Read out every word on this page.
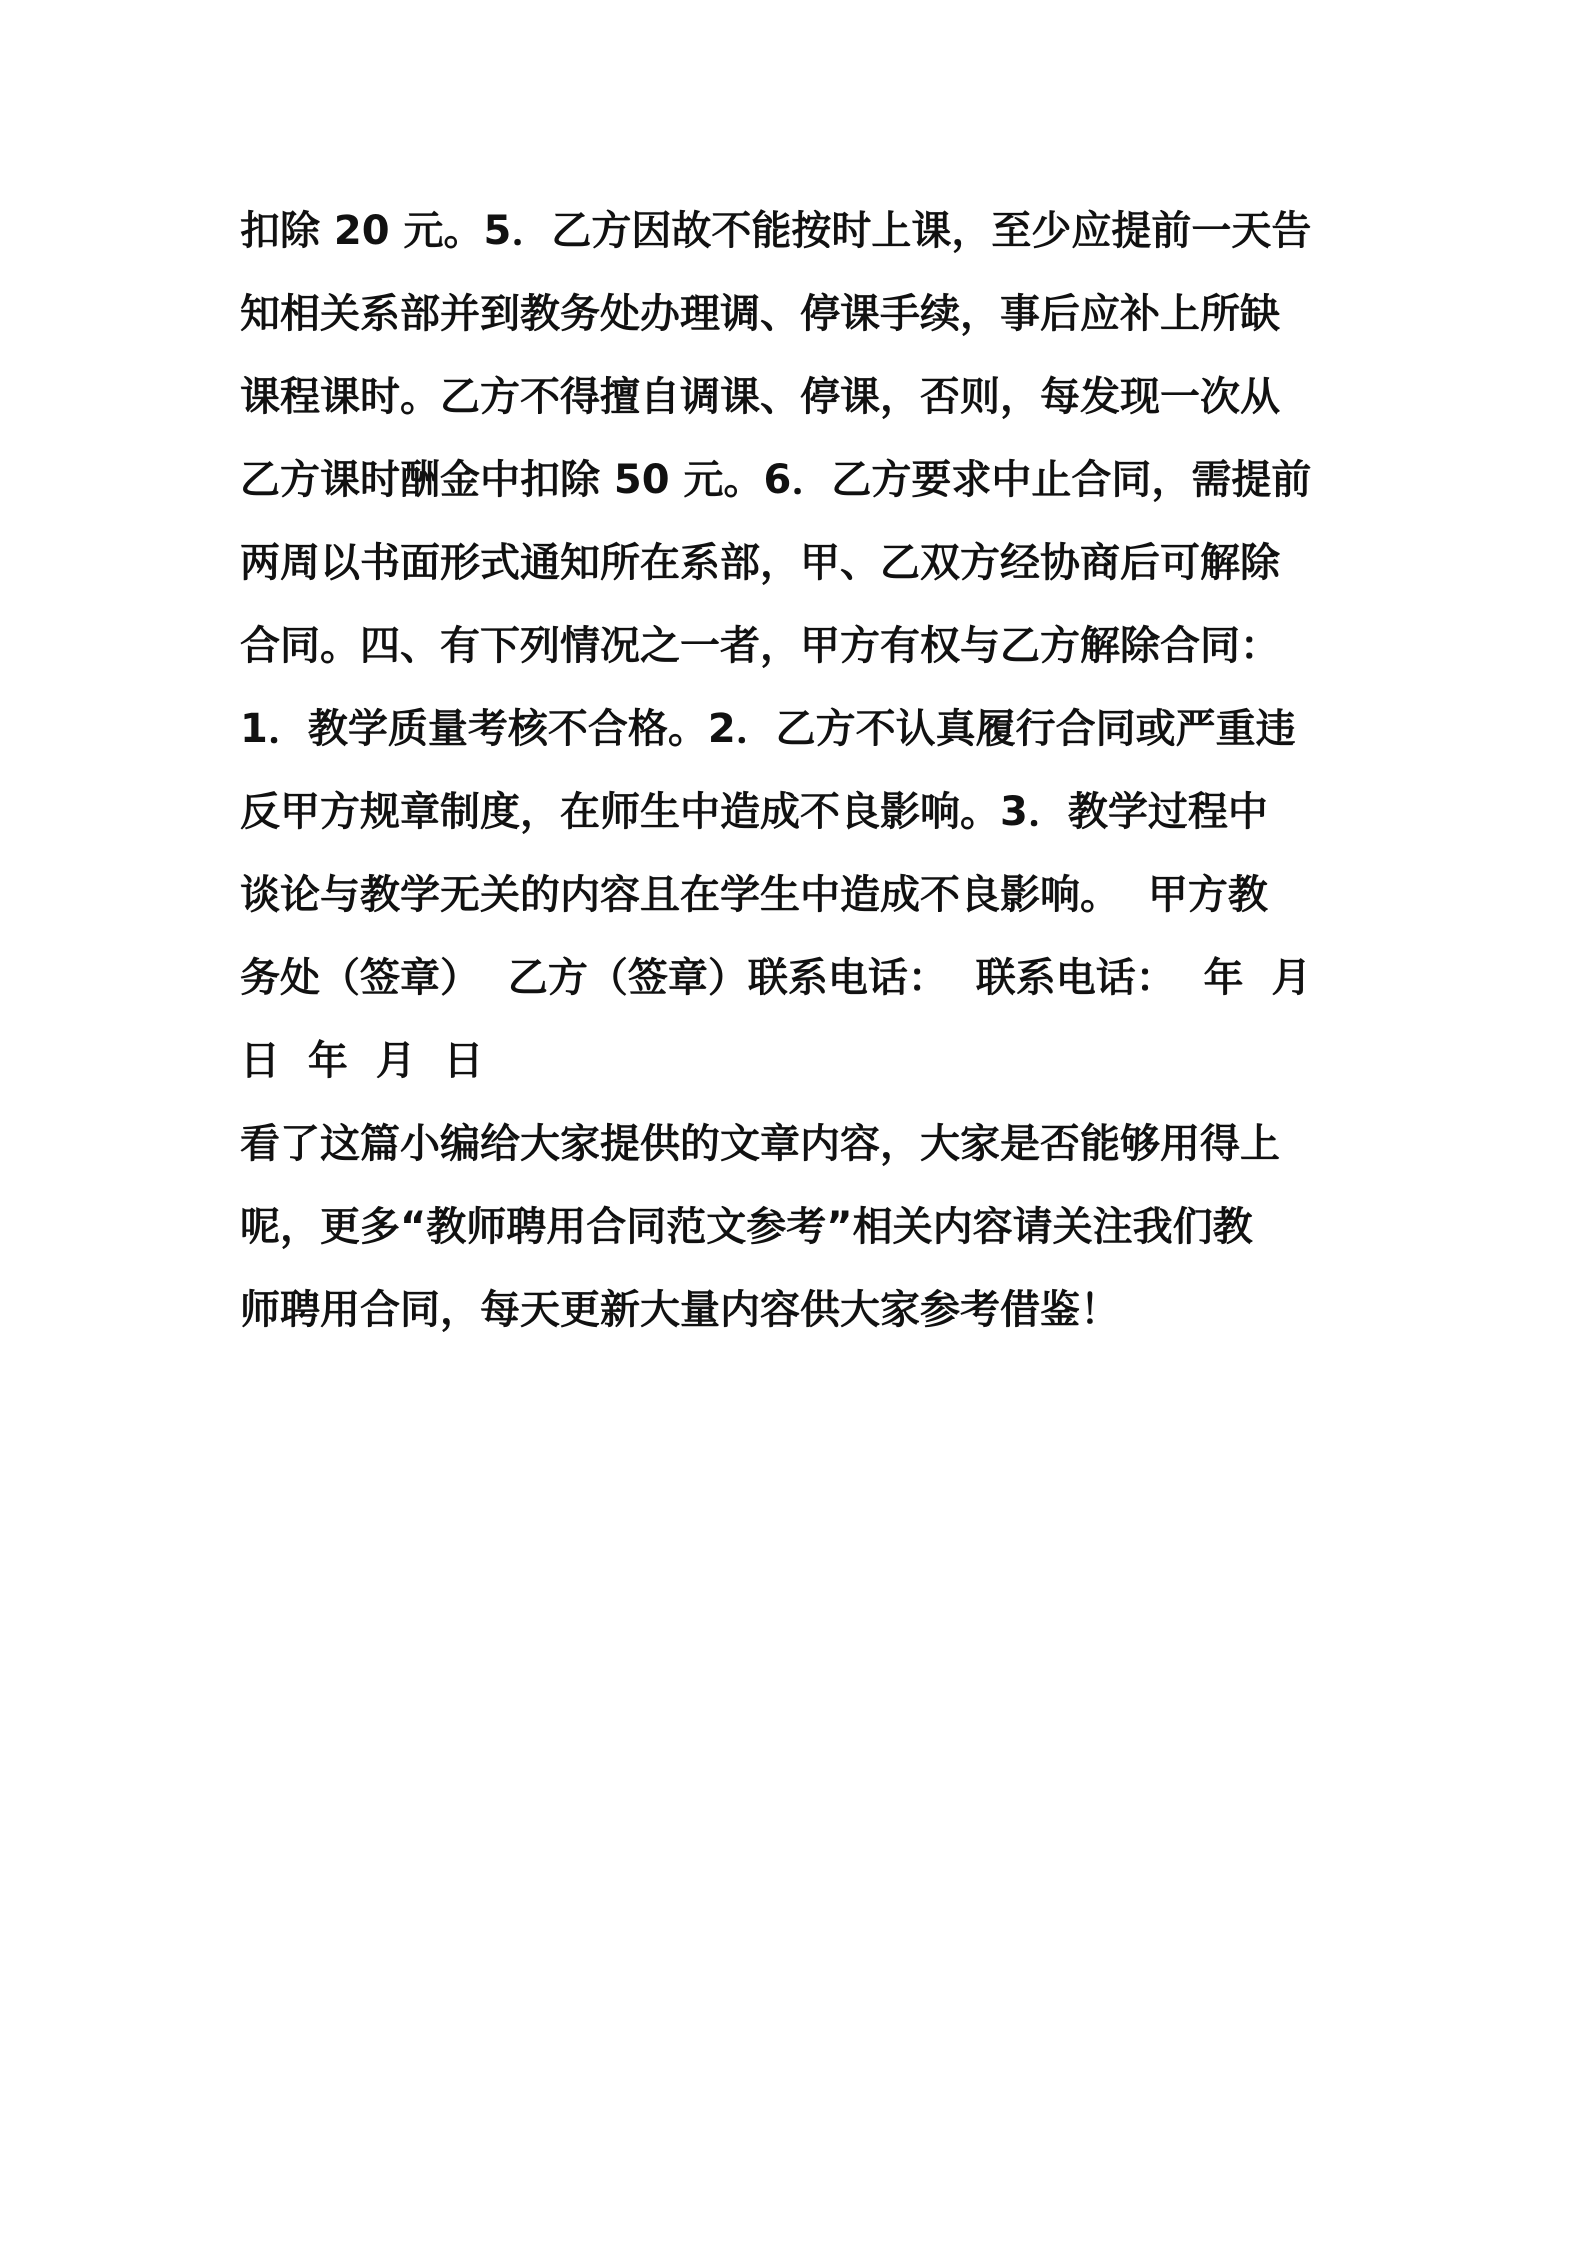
扣除 20 元。5．乙方因故不能按时上课，至少应提前一天告
知相关系部并到教务处办理调、停课手续，事后应补上所缺
课程课时。乙方不得擅自调课、停课，否则，每发现一次从
乙方课时酬金中扣除 50 元。6．乙方要求中止合同，需提前
两周以书面形式通知所在系部，甲、乙双方经协商后可解除
合同。四、有下列情况之一者，甲方有权与乙方解除合同：
1．教学质量考核不合格。2．乙方不认真履行合同或严重违
反甲方规章制度，在师生中造成不良影响。3．教学过程中
谈论与教学无关的内容且在学生中造成不良影响。  甲方教
务处（签章）  乙方（签章）联系电话：  联系电话：  年  月
日  年  月  日
看了这篇小编给大家提供的文章内容，大家是否能够用得上
呢，更多“教师聘用合同范文参考”相关内容请关注我们教
师聘用合同，每天更新大量内容供大家参考借鉴！
